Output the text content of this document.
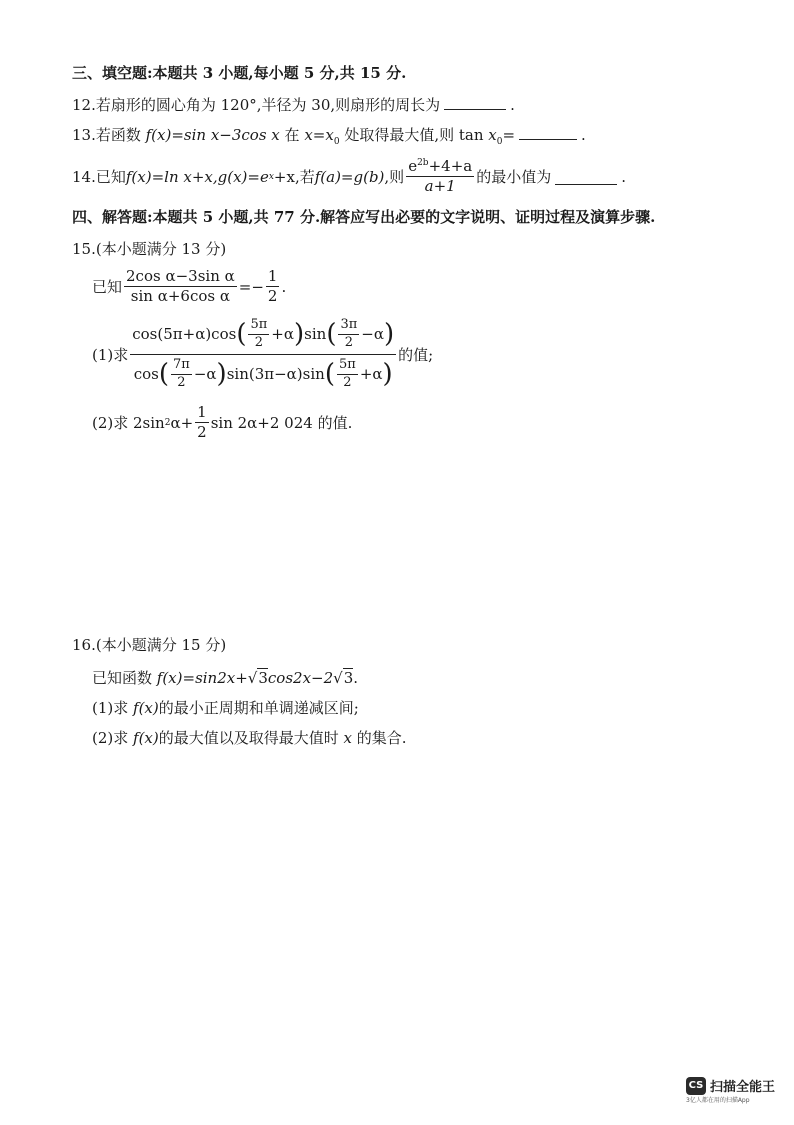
三、填空题:本题共 3 小题,每小题 5 分,共 15 分.
12.若扇形的圆心角为 120°,半径为 30,则扇形的周长为	.
13.若函数 f(x)=sin x−3cos x 在 $x=x_0$ 处取得最大值,则 $\tan x_0=$	.
14.已知 f(x)=ln x+x,g(x)=e x +x,若 f(a)=g(b) ,则 $\frac{e^{2b}+4+a}{a+1}$ 的最小值为	.
四、解答题:本题共 5 小题,共 77 分.解答应写出必要的文字说明、证明过程及演算步骤.
15.(本小题满分 13 分)
已知 $\frac{\text{2cos α−3sin α}}{\text{sin α+6cos α}} =- \frac{1}{2}$ .
(1)求
cos(5π+α)cos ( $\frac{5\pi}{2} +\alpha$ ) sin ( $\frac{3\pi}{2} -\alpha$ )
cos ( $\frac{7\pi}{2} -\alpha$ ) sin(3π−α)sin ( $\frac{5\pi}{2} +\alpha$ )
的值;
(2)求 2sin 2 $\alpha+ \frac{1}{2}$ sin 2α+2 024 的值.
16.(本小题满分 15 分)
已知函数 f(x)=sin2x+√3cos2x−2√3.
(1)求 f(x)的最小正周期和单调递减区间;
(2)求 f(x)的最大值以及取得最大值时 x 的集合.
CS 扫描全能王
3亿人都在用的扫描App
